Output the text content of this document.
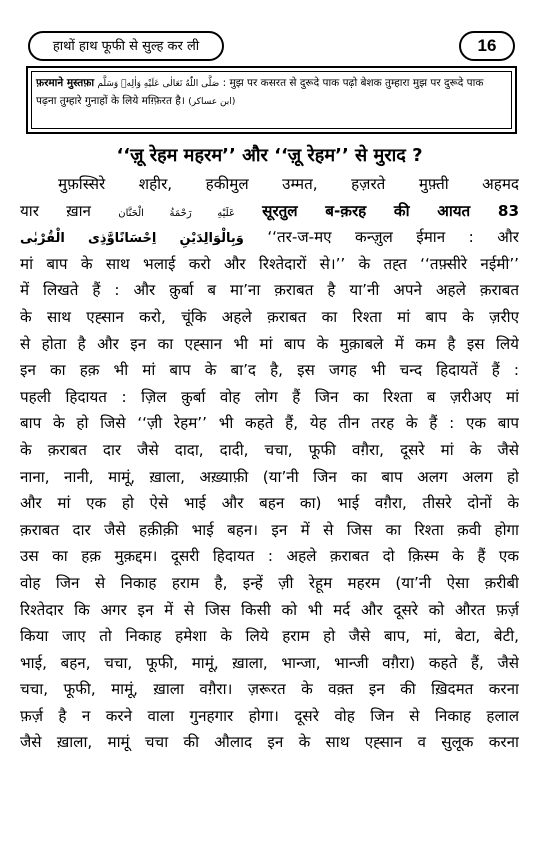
हाथों हाथ फूफी से सुल्ह कर ली	16
फ़रमाने मुस्तफ़ा صَلَّى اللّٰهُ تَعَالٰى عَلَيْهِ وَاٰلِهٖ وَسَلَّم : मुझ पर कसरत से दुरूदे पाक पढ़ो बेशक तुम्हारा मुझ पर दुरूदे पाक पढ़ना तुम्हारे गुनाहों के लिये मग़्फ़िरत है। (ابن عساکر)
‘‘ज़ू रेहम महरम’’ और ‘‘ज़ू रेहम’’ से मुराद ?
मुफ़स्सिरे शहीर, हकीमुल उम्मत, हज़रते मुफ़्ती अहमद
यार ख़ान	عَلَیْهِ رَحْمَةُ الْحَنَّان सूरतुल ब-क़रह की आयत 83
وَبِالْوَالِدَيْنِ اِحْسَانًاوَّذِی الْقُرْبٰی ‘‘तर-ज-मए कन्ज़ुल ईमान : और
मां बाप के साथ भलाई करो और रिश्तेदारों से।’’ के तह्त ‘‘तफ़्सीरे नईमी’’
में लिखते हैं : और क़ुर्बा ब मा’ना क़राबत है या’नी अपने अहले क़राबत
के साथ एह्सान करो, चूंकि अहले क़राबत का रिश्ता मां बाप के ज़रीए
से होता है और इन का एह्सान भी मां बाप के मुक़ाबले में कम है इस लिये
इन का हक़ भी मां बाप के बा’द है, इस जगह भी चन्द हिदायतें हैं :
पहली हिदायत : ज़िल क़ुर्बा वोह लोग हैं जिन का रिश्ता ब ज़रीअए मां
बाप के हो जिसे ‘‘ज़ी रेहम’’ भी कहते हैं, येह तीन तरह के हैं : एक बाप
के क़राबत दार जैसे दादा, दादी, चचा, फूफी वग़ैरा, दूसरे मां के जैसे
नाना, नानी, मामूं, ख़ाला, अख़्याफ़ी (या’नी जिन का बाप अलग अलग हो
और मां एक हो ऐसे भाई और बहन का) भाई वग़ैरा, तीसरे दोनों के
क़राबत दार जैसे हक़ीक़ी भाई बहन। इन में से जिस का रिश्ता क़वी होगा
उस का हक़ मुक़द्दम। दूसरी हिदायत : अहले क़राबत दो क़िस्म के हैं एक
वोह जिन से निकाह हराम है, इन्हें ज़ी रेहूम महरम (या’नी ऐसा क़रीबी
रिश्तेदार कि अगर इन में से जिस किसी को भी मर्द और दूसरे को औरत फ़र्ज़
किया जाए तो निकाह हमेशा के लिये हराम हो जैसे बाप, मां, बेटा, बेटी,
भाई, बहन, चचा, फूफी, मामूं, ख़ाला, भान्जा, भान्जी वग़ैरा) कहते हैं, जैसे
चचा, फूफी, मामूं, ख़ाला वग़ैरा। ज़रूरत के वक़्त इन की ख़िदमत करना
फ़र्ज़ है न करने वाला गुनहगार होगा। दूसरे वोह जिन से निकाह हलाल
जैसे ख़ाला, मामूं चचा की औलाद इन के साथ एह्सान व सुलूक करना
